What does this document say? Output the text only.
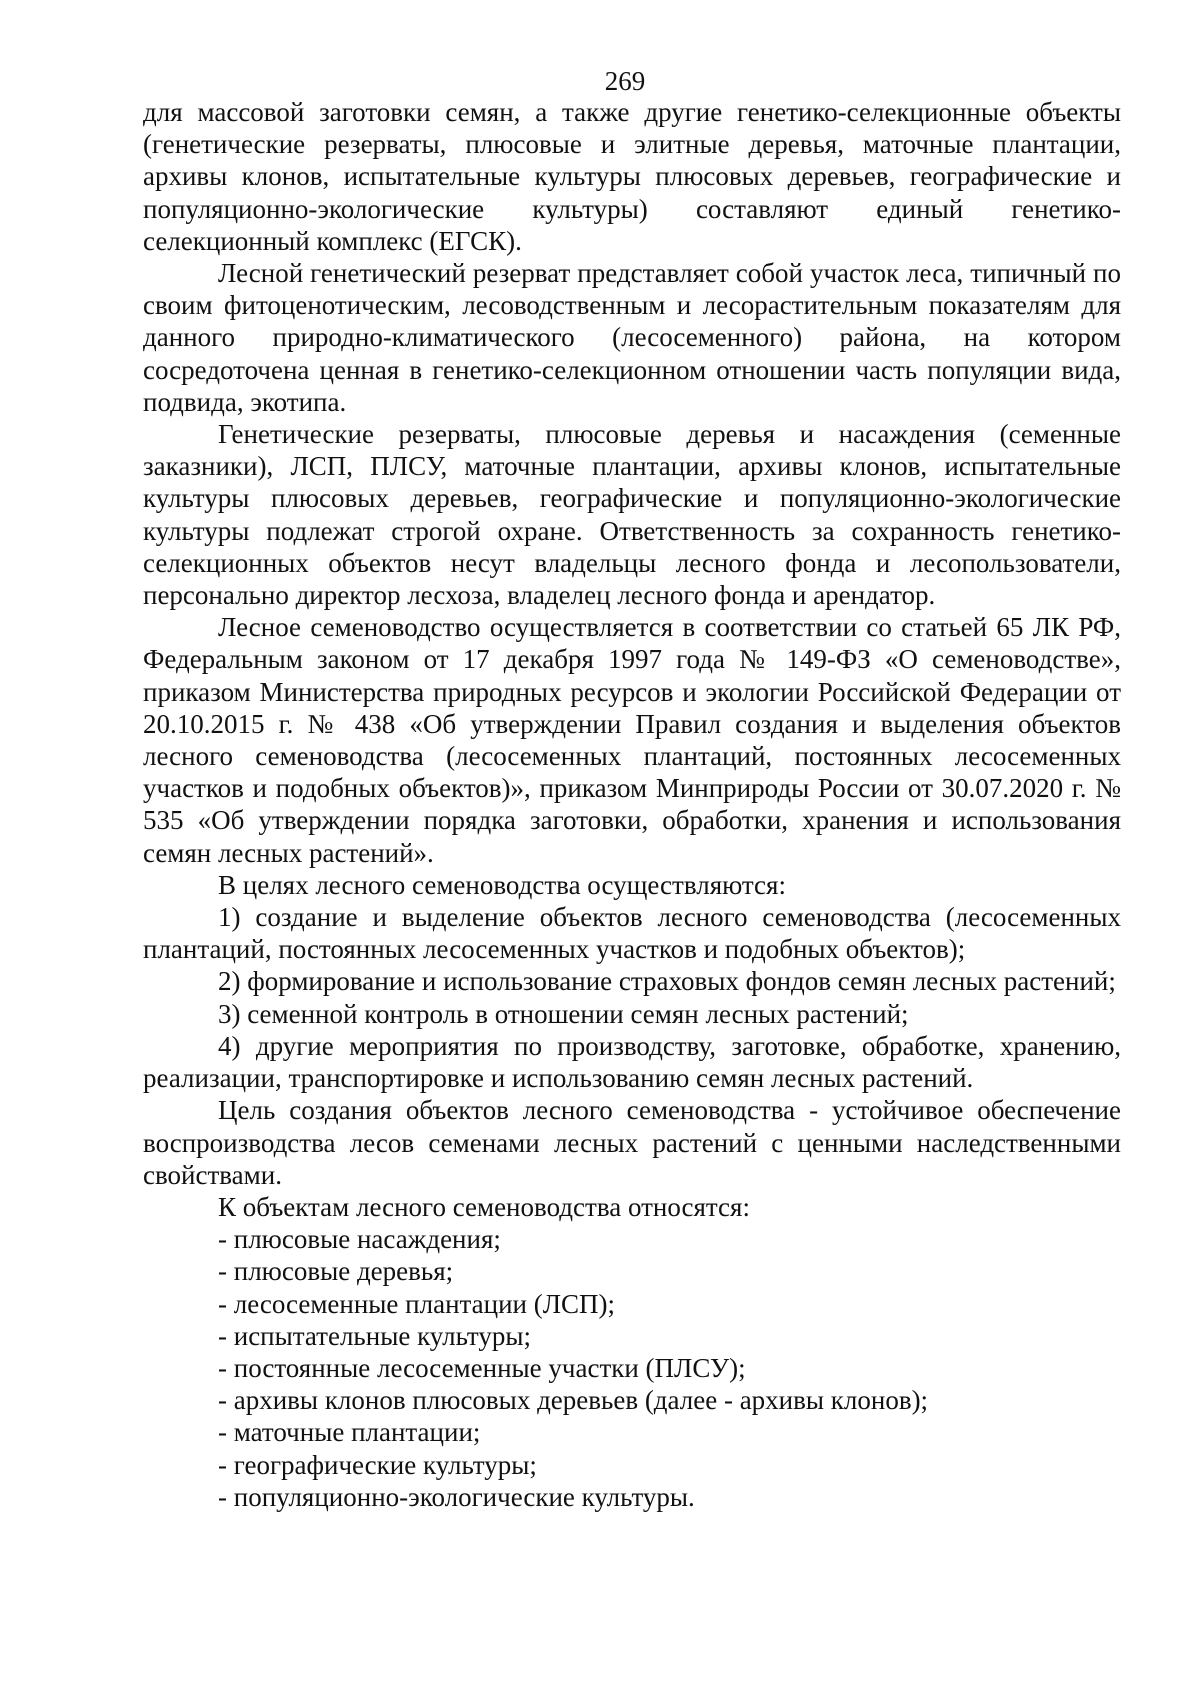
269

для массовой заготовки семян, а также другие генетико-селекционные объекты (генетические резерваты, плюсовые и элитные деревья, маточные плантации, архивы клонов, испытательные культуры плюсовых деревьев, географические и популяционно-экологические культуры) составляют единый генетико-селекционный комплекс (ЕГСК).

Лесной генетический резерват представляет собой участок леса, типичный по своим фитоценотическим, лесоводственным и лесорастительным показателям для данного природно-климатического (лесосеменного) района, на котором сосредоточена ценная в генетико-селекционном отношении часть популяции вида, подвида, экотипа.

Генетические резерваты, плюсовые деревья и насаждения (семенные заказники), ЛСП, ПЛСУ, маточные плантации, архивы клонов, испытательные культуры плюсовых деревьев, географические и популяционно-экологические культуры подлежат строгой охране. Ответственность за сохранность генетико-селекционных объектов несут владельцы лесного фонда и лесопользователи, персонально директор лесхоза, владелец лесного фонда и арендатор.

Лесное семеноводство осуществляется в соответствии со статьей 65 ЛК РФ, Федеральным законом от 17 декабря 1997 года № 149-ФЗ «О семеноводстве», приказом Министерства природных ресурсов и экологии Российской Федерации от 20.10.2015 г. № 438 «Об утверждении Правил создания и выделения объектов лесного семеноводства (лесосеменных плантаций, постоянных лесосеменных участков и подобных объектов)», приказом Минприроды России от 30.07.2020 г. № 535 «Об утверждении порядка заготовки, обработки, хранения и использования семян лесных растений».

В целях лесного семеноводства осуществляются:

1) создание и выделение объектов лесного семеноводства (лесосеменных плантаций, постоянных лесосеменных участков и подобных объектов);

2) формирование и использование страховых фондов семян лесных растений;

3) семенной контроль в отношении семян лесных растений;

4) другие мероприятия по производству, заготовке, обработке, хранению, реализации, транспортировке и использованию семян лесных растений.

Цель создания объектов лесного семеноводства - устойчивое обеспечение воспроизводства лесов семенами лесных растений с ценными наследственными свойствами.

К объектам лесного семеноводства относятся:

- плюсовые насаждения;
- плюсовые деревья;
- лесосеменные плантации (ЛСП);
- испытательные культуры;
- постоянные лесосеменные участки (ПЛСУ);
- архивы клонов плюсовых деревьев (далее - архивы клонов);
- маточные плантации;
- географические культуры;
- популяционно-экологические культуры.
